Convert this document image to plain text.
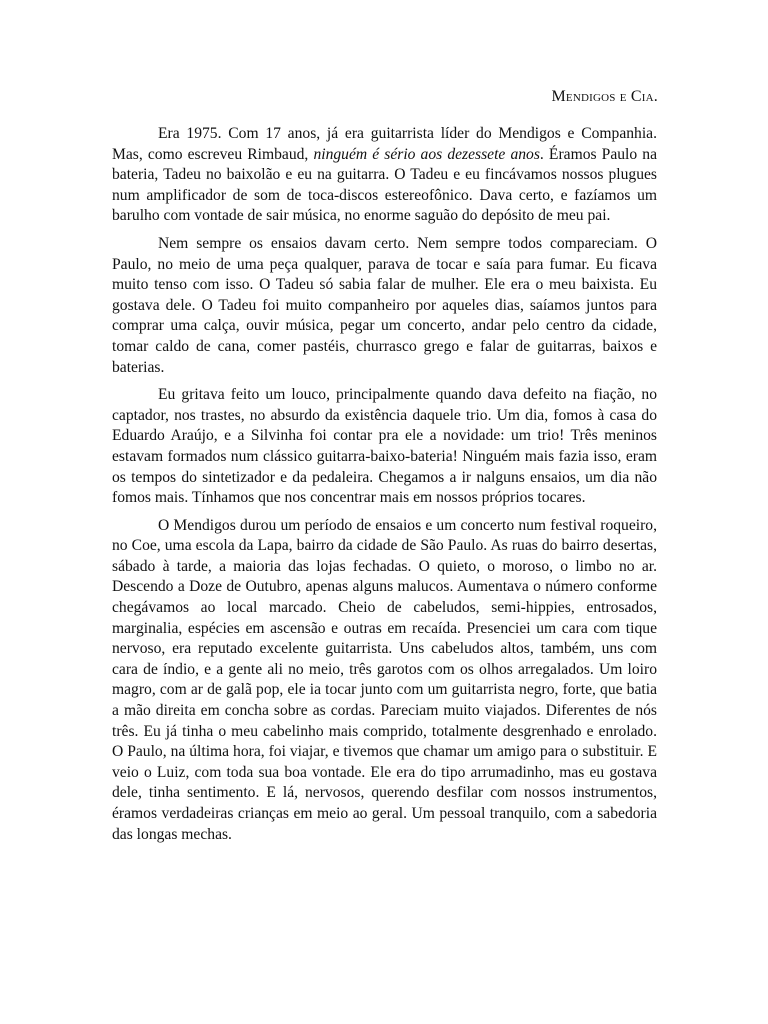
Mendigos e Cia.

Era 1975. Com 17 anos, já era guitarrista líder do Mendigos e Companhia. Mas, como escreveu Rimbaud, ninguém é sério aos dezessete anos. Éramos Paulo na bateria, Tadeu no baixolão e eu na guitarra. O Tadeu e eu fincávamos nossos plugues num amplificador de som de toca-discos estereofônico. Dava certo, e fazíamos um barulho com vontade de sair música, no enorme saguão do depósito de meu pai.

Nem sempre os ensaios davam certo. Nem sempre todos compareciam. O Paulo, no meio de uma peça qualquer, parava de tocar e saía para fumar. Eu ficava muito tenso com isso. O Tadeu só sabia falar de mulher. Ele era o meu baixista. Eu gostava dele. O Tadeu foi muito companheiro por aqueles dias, saíamos juntos para comprar uma calça, ouvir música, pegar um concerto, andar pelo centro da cidade, tomar caldo de cana, comer pastéis, churrasco grego e falar de guitarras, baixos e baterias.

Eu gritava feito um louco, principalmente quando dava defeito na fiação, no captador, nos trastes, no absurdo da existência daquele trio. Um dia, fomos à casa do Eduardo Araújo, e a Silvinha foi contar pra ele a novidade: um trio! Três meninos estavam formados num clássico guitarra-baixo-bateria! Ninguém mais fazia isso, eram os tempos do sintetizador e da pedaleira. Chegamos a ir nalguns ensaios, um dia não fomos mais. Tínhamos que nos concentrar mais em nossos próprios tocares.

O Mendigos durou um período de ensaios e um concerto num festival roqueiro, no Coe, uma escola da Lapa, bairro da cidade de São Paulo. As ruas do bairro desertas, sábado à tarde, a maioria das lojas fechadas. O quieto, o moroso, o limbo no ar. Descendo a Doze de Outubro, apenas alguns malucos. Aumentava o número conforme chegávamos ao local marcado. Cheio de cabeludos, semi-hippies, entrosados, marginalia, espécies em ascensão e outras em recaída. Presenciei um cara com tique nervoso, era reputado excelente guitarrista. Uns cabeludos altos, também, uns com cara de índio, e a gente ali no meio, três garotos com os olhos arregalados. Um loiro magro, com ar de galã pop, ele ia tocar junto com um guitarrista negro, forte, que batia a mão direita em concha sobre as cordas. Pareciam muito viajados. Diferentes de nós três. Eu já tinha o meu cabelinho mais comprido, totalmente desgrenhado e enrolado. O Paulo, na última hora, foi viajar, e tivemos que chamar um amigo para o substituir. E veio o Luiz, com toda sua boa vontade. Ele era do tipo arrumadinho, mas eu gostava dele, tinha sentimento. E lá, nervosos, querendo desfilar com nossos instrumentos, éramos verdadeiras crianças em meio ao geral. Um pessoal tranquilo, com a sabedoria das longas mechas.
